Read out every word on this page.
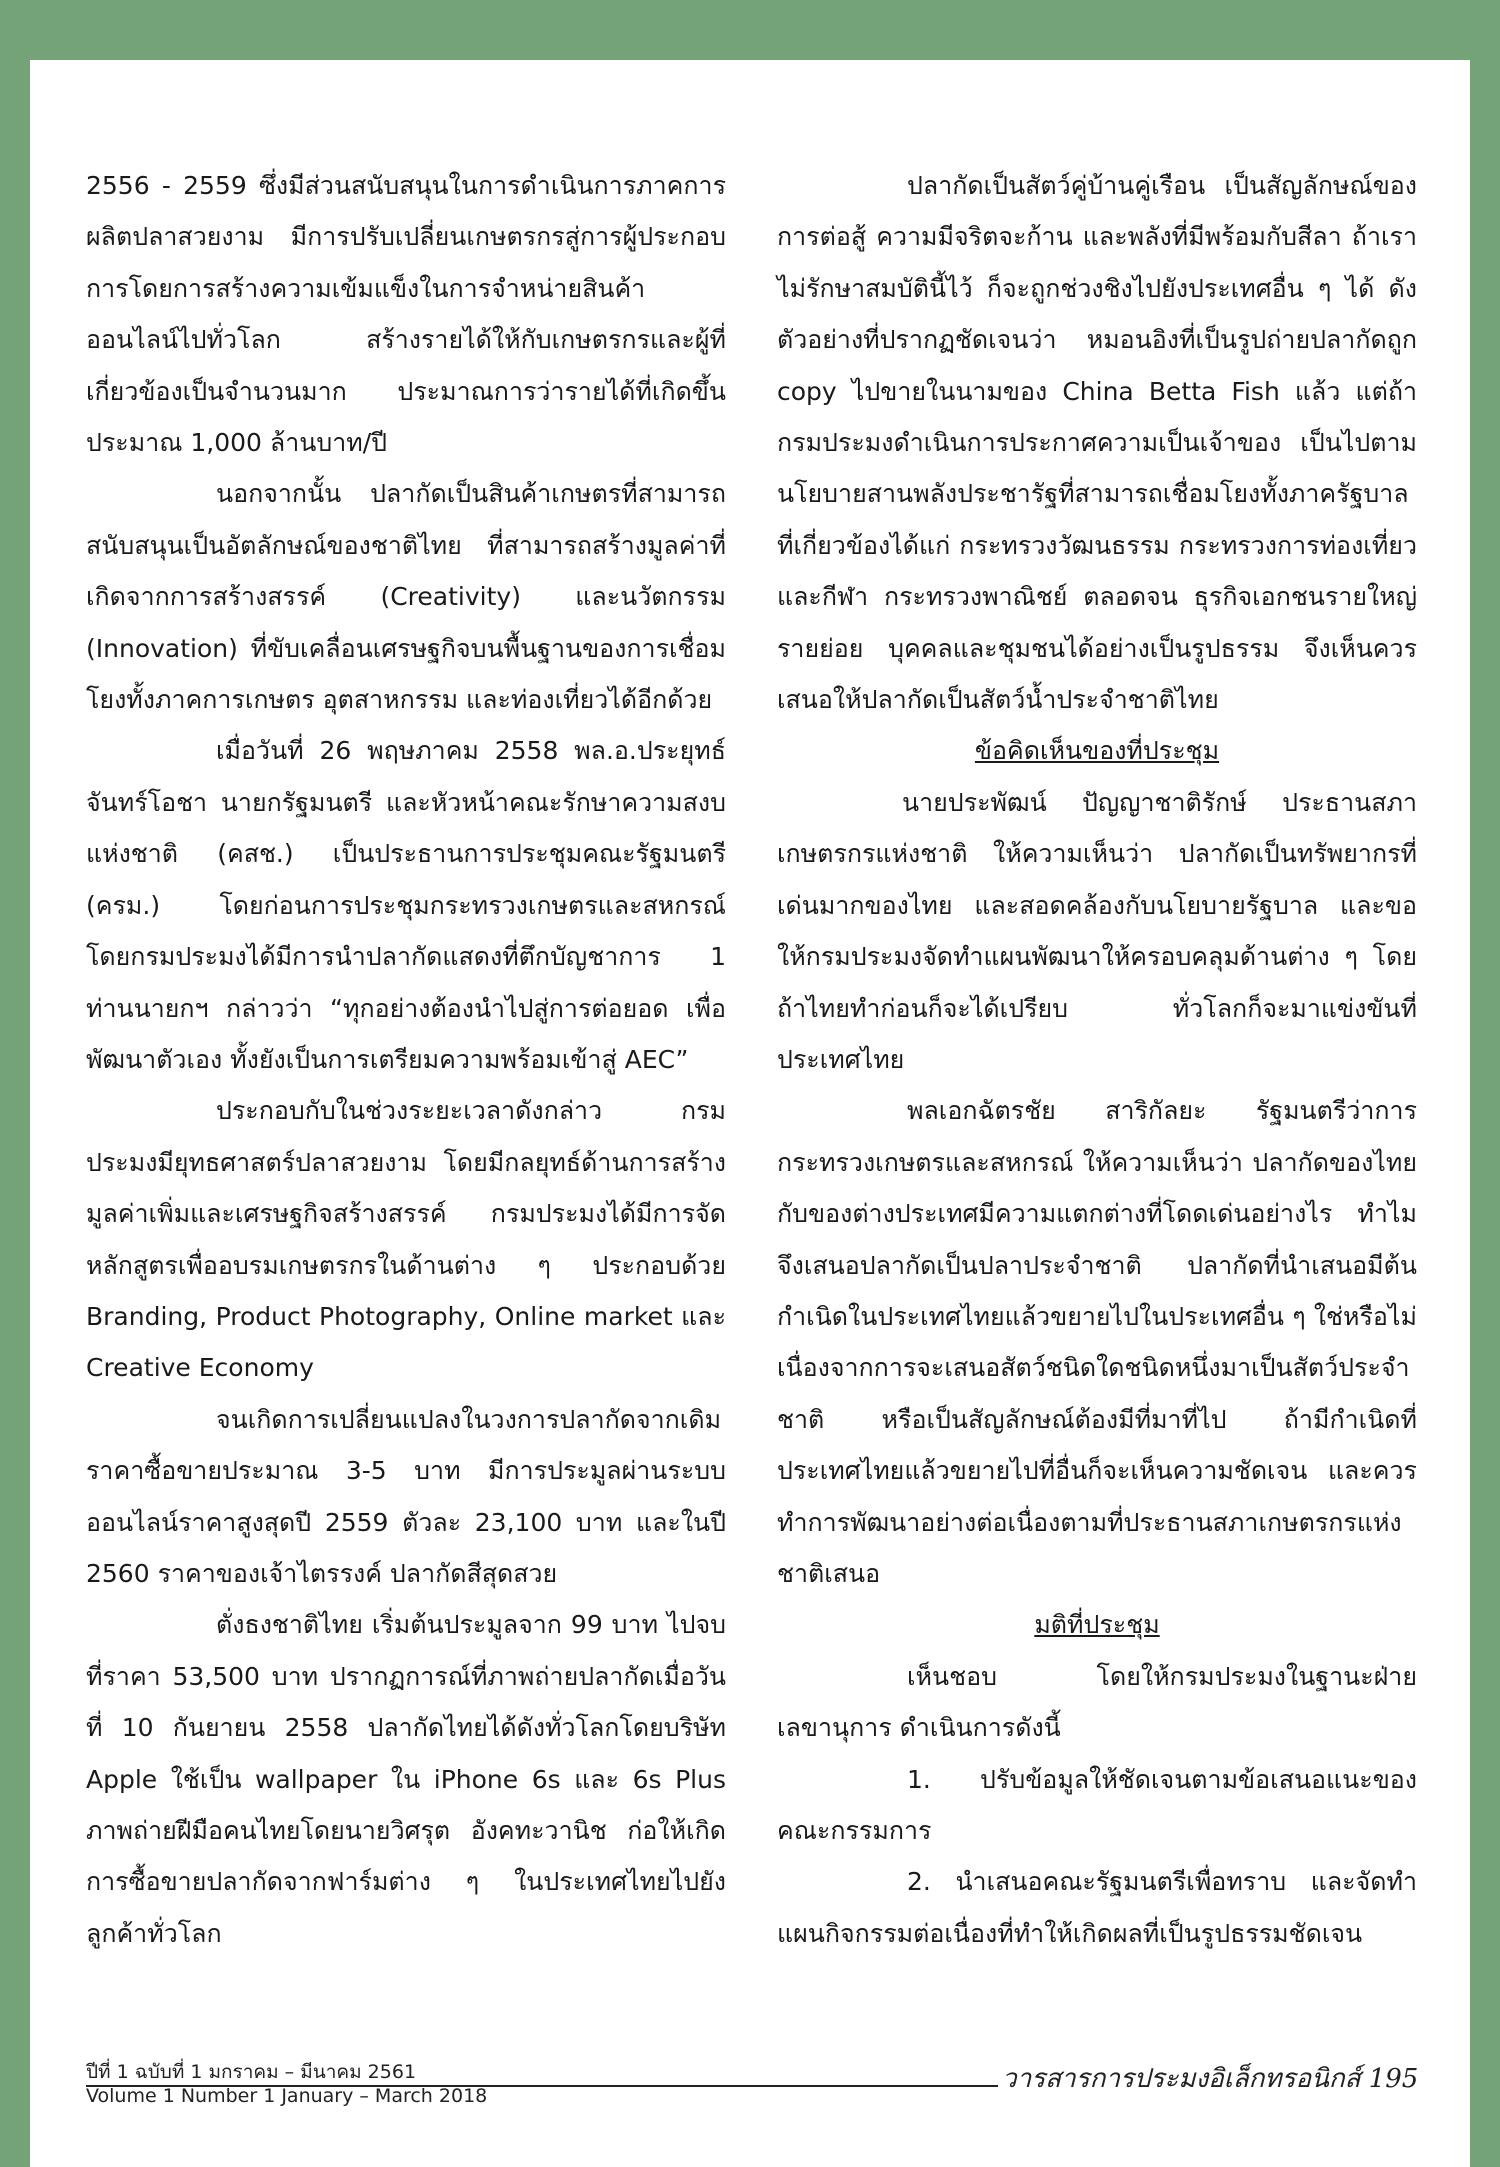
2556 - 2559 ซึ่งมีส่วนสนับสนุนในการดำเนินการภาคการผลิตปลาสวยงาม มีการปรับเปลี่ยนเกษตรกรสู่การผู้ประกอบการโดยการสร้างความเข้มแข็งในการจำหน่ายสินค้าออนไลน์ไปทั่วโลก สร้างรายได้ให้กับเกษตรกรและผู้ที่เกี่ยวข้องเป็นจำนวนมาก ประมาณการว่ารายได้ที่เกิดขึ้นประมาณ 1,000 ล้านบาท/ปี

นอกจากนั้น ปลากัดเป็นสินค้าเกษตรที่สามารถสนับสนุนเป็นอัตลักษณ์ของชาติไทย ที่สามารถสร้างมูลค่าที่เกิดจากการสร้างสรรค์ (Creativity) และนวัตกรรม (Innovation) ที่ขับเคลื่อนเศรษฐกิจบนพื้นฐานของการเชื่อมโยงทั้งภาคการเกษตร อุตสาหกรรม และท่องเที่ยวได้อีกด้วย

เมื่อวันที่ 26 พฤษภาคม 2558 พล.อ.ประยุทธ์ จันทร์โอชา นายกรัฐมนตรี และหัวหน้าคณะรักษาความสงบแห่งชาติ (คสช.) เป็นประธานการประชุมคณะรัฐมนตรี (ครม.) โดยก่อนการประชุมกระทรวงเกษตรและสหกรณ์ โดยกรมประมงได้มีการนำปลากัดแสดงที่ตึกบัญชาการ 1 ท่านนายกฯ กล่าวว่า “ทุกอย่างต้องนำไปสู่การต่อยอด เพื่อพัฒนาตัวเอง ทั้งยังเป็นการเตรียมความพร้อมเข้าสู่ AEC”

ประกอบกับในช่วงระยะเวลาดังกล่าว กรมประมงมียุทธศาสตร์ปลาสวยงาม โดยมีกลยุทธ์ด้านการสร้างมูลค่าเพิ่มและเศรษฐกิจสร้างสรรค์ กรมประมงได้มีการจัดหลักสูตรเพื่ออบรมเกษตรกรในด้านต่าง ๆ ประกอบด้วย Branding, Product Photography, Online market และ Creative Economy

จนเกิดการเปลี่ยนแปลงในวงการปลากัดจากเดิมราคาซื้อขายประมาณ 3-5 บาท มีการประมูลผ่านระบบออนไลน์ราคาสูงสุดปี 2559 ตัวละ 23,100 บาท และในปี 2560 ราคาของเจ้าไตรรงค์ ปลากัดสีสุดสวย

ตั่งธงชาติไทย เริ่มต้นประมูลจาก 99 บาท ไปจบที่ราคา 53,500 บาท ปรากฏการณ์ที่ภาพถ่ายปลากัดเมื่อวันที่ 10 กันยายน 2558 ปลากัดไทยได้ดังทั่วโลกโดยบริษัท Apple ใช้เป็น wallpaper ใน iPhone 6s และ 6s Plus ภาพถ่ายฝีมือคนไทยโดยนายวิศรุต อังคทะวานิช ก่อให้เกิดการซื้อขายปลากัดจากฟาร์มต่าง ๆ ในประเทศไทยไปยังลูกค้าทั่วโลก

ปลากัดเป็นสัตว์คู่บ้านคู่เรือน เป็นสัญลักษณ์ของการต่อสู้ ความมีจริตจะก้าน และพลังที่มีพร้อมกับสีลา ถ้าเราไม่รักษาสมบัตินี้ไว้ ก็จะถูกช่วงชิงไปยังประเทศอื่น ๆ ได้ ดังตัวอย่างที่ปรากฏชัดเจนว่า หมอนอิงที่เป็นรูปถ่ายปลากัดถูก copy ไปขายในนามของ China Betta Fish แล้ว แต่ถ้ากรมประมงดำเนินการประกาศความเป็นเจ้าของ เป็นไปตามนโยบายสานพลังประชารัฐที่สามารถเชื่อมโยงทั้งภาครัฐบาลที่เกี่ยวข้องได้แก่ กระทรวงวัฒนธรรม กระทรวงการท่องเที่ยวและกีฬา กระทรวงพาณิชย์ ตลอดจน ธุรกิจเอกชนรายใหญ่ รายย่อย บุคคลและชุมชนได้อย่างเป็นรูปธรรม จึงเห็นควรเสนอให้ปลากัดเป็นสัตว์น้ำประจำชาติไทย

ข้อคิดเห็นของที่ประชุม

นายประพัฒน์ ปัญญาชาติรักษ์ ประธานสภาเกษตรกรแห่งชาติ ให้ความเห็นว่า ปลากัดเป็นทรัพยากรที่เด่นมากของไทย และสอดคล้องกับนโยบายรัฐบาล และขอให้กรมประมงจัดทำแผนพัฒนาให้ครอบคลุมด้านต่าง ๆ โดยถ้าไทยทำก่อนก็จะได้เปรียบ ทั่วโลกก็จะมาแข่งขันที่ประเทศไทย

พลเอกฉัตรชัย สาริกัลยะ รัฐมนตรีว่าการกระทรวงเกษตรและสหกรณ์ ให้ความเห็นว่า ปลากัดของไทยกับของต่างประเทศมีความแตกต่างที่โดดเด่นอย่างไร ทำไมจึงเสนอปลากัดเป็นปลาประจำชาติ ปลากัดที่นำเสนอมีต้นกำเนิดในประเทศไทยแล้วขยายไปในประเทศอื่น ๆ ใช่หรือไม่ เนื่องจากการจะเสนอสัตว์ชนิดใดชนิดหนึ่งมาเป็นสัตว์ประจำชาติ หรือเป็นสัญลักษณ์ต้องมีที่มาที่ไป ถ้ามีกำเนิดที่ประเทศไทยแล้วขยายไปที่อื่นก็จะเห็นความชัดเจน และควรทำการพัฒนาอย่างต่อเนื่องตามที่ประธานสภาเกษตรกรแห่งชาติเสนอ

มติที่ประชุม

เห็นชอบ โดยให้กรมประมงในฐานะฝ่ายเลขานุการ ดำเนินการดังนี้

1. ปรับข้อมูลให้ชัดเจนตามข้อเสนอแนะของคณะกรรมการ

2. นำเสนอคณะรัฐมนตรีเพื่อทราบ และจัดทำแผนกิจกรรมต่อเนื่องที่ทำให้เกิดผลที่เป็นรูปธรรมชัดเจน

ปีที่ 1 ฉบับที่ 1 มกราคม – มีนาคม 2561
Volume 1 Number 1 January – March 2018
วารสารการประมงอิเล็กทรอนิกส์ 195
